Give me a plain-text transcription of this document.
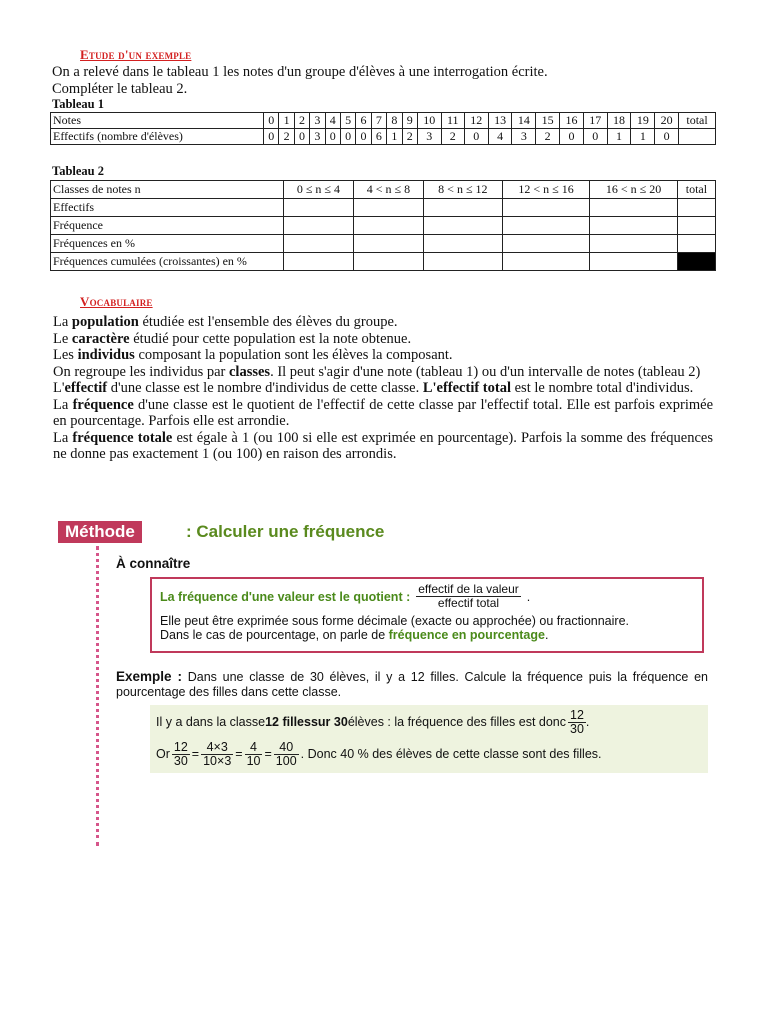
Etude d'un exemple
On a relevé dans le tableau 1 les notes d'un groupe d'élèves à une interrogation écrite.
Compléter le tableau 2.
Tableau 1
Notes	0	1	2	3	4	5	6	7	8	9	10	11	12	13	14	15	16	17	18	19	20	total
Effectifs (nombre d'élèves)	0	2	0	3	0	0	0	6	1	2	3	2	0	4	3	2	0	0	1	1	0	
Tableau 2
Classes de notes n	0 ≤ n ≤ 4	4 < n ≤ 8	8 < n ≤ 12	12 < n ≤ 16	16 < n ≤ 20	total
Effectifs						
Fréquence						
Fréquences en %						
Fréquences cumulées (croissantes) en %						
Vocabulaire

La population étudiée est l'ensemble des élèves du groupe.

Le caractère étudié pour cette population est la note obtenue.

Les individus composant la population sont les élèves la composant.

On regroupe les individus par classes. Il peut s'agir d'une note (tableau 1) ou d'un intervalle de notes (tableau 2)

L'effectif d'une classe est le nombre d'individus de cette classe. L'effectif total est le nombre total d'individus.

La fréquence d'une classe est le quotient de l'effectif de cette classe par l'effectif total. Elle est parfois exprimée en pourcentage. Parfois elle est arrondie.

La fréquence totale est égale à 1 (ou 100 si elle est exprimée en pourcentage). Parfois la somme des fréquences ne donne pas exactement 1 (ou 100) en raison des arrondis.

Méthode	: Calculer une fréquence
À connaître
La fréquence d'une valeur est le quotient : $\frac{\text{effectif de la valeur}}{\text{effectif total}}$ .
Elle peut être exprimée sous forme décimale (exacte ou approchée) ou fractionnaire.
Dans le cas de pourcentage, on parle de fréquence en pourcentage.
Exemple : Dans une classe de 30 élèves, il y a 12 filles. Calcule la fréquence puis la fréquence en pourcentage des filles dans cette classe.
Il y a dans la classe 12 filles sur 30 élèves : la fréquence des filles est donc $\frac{12}{30}$ .
Or $\frac{12}{30} = \frac{4\times 3}{10\times 3} = \frac{4}{10} = \frac{40}{100}$ . Donc 40 % des élèves de cette classe sont des filles.
